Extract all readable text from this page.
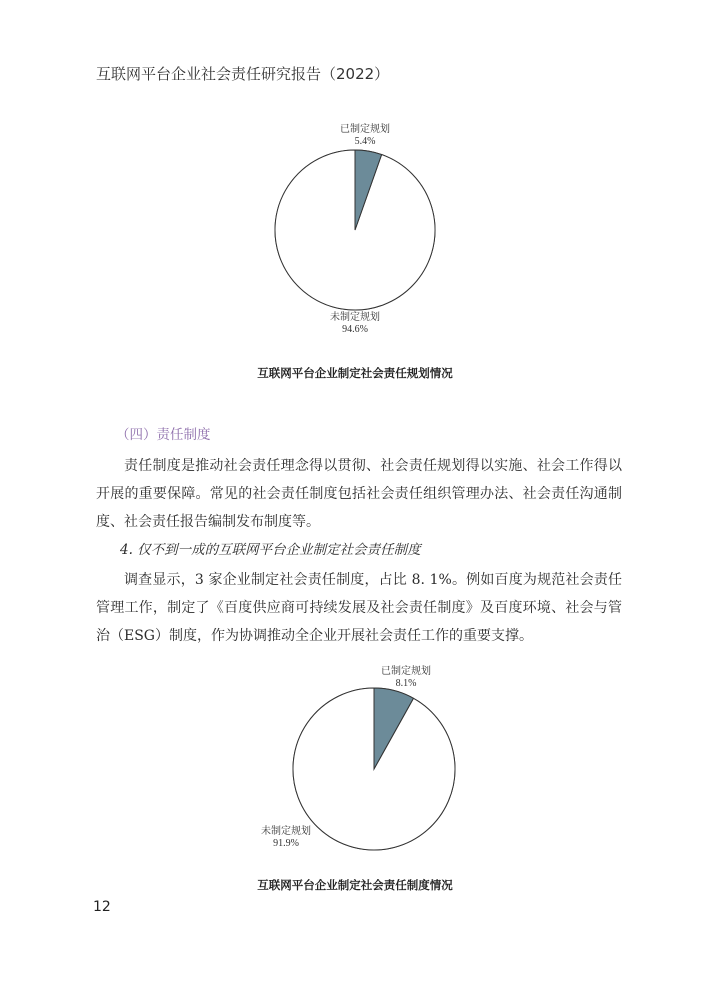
互联网平台企业社会责任研究报告（2022）
已制定规划
5.4%
未制定规划
94.6%
互联网平台企业制定社会责任规划情况
（四）责任制度

责任制度是推动社会责任理念得以贯彻、社会责任规划得以实施、社会工作得以开展的重要保障。常见的社会责任制度包括社会责任组织管理办法、社会责任沟通制度、社会责任报告编制发布制度等。

4. 仅不到一成的互联网平台企业制定社会责任制度

调查显示，3 家企业制定社会责任制度，占比 8. 1%。例如百度为规范社会责任管理工作，制定了《百度供应商可持续发展及社会责任制度》及百度环境、社会与管治（ESG）制度，作为协调推动全企业开展社会责任工作的重要支撑。

已制定规划
8.1%
未制定规划
91.9%
互联网平台企业制定社会责任制度情况
12
